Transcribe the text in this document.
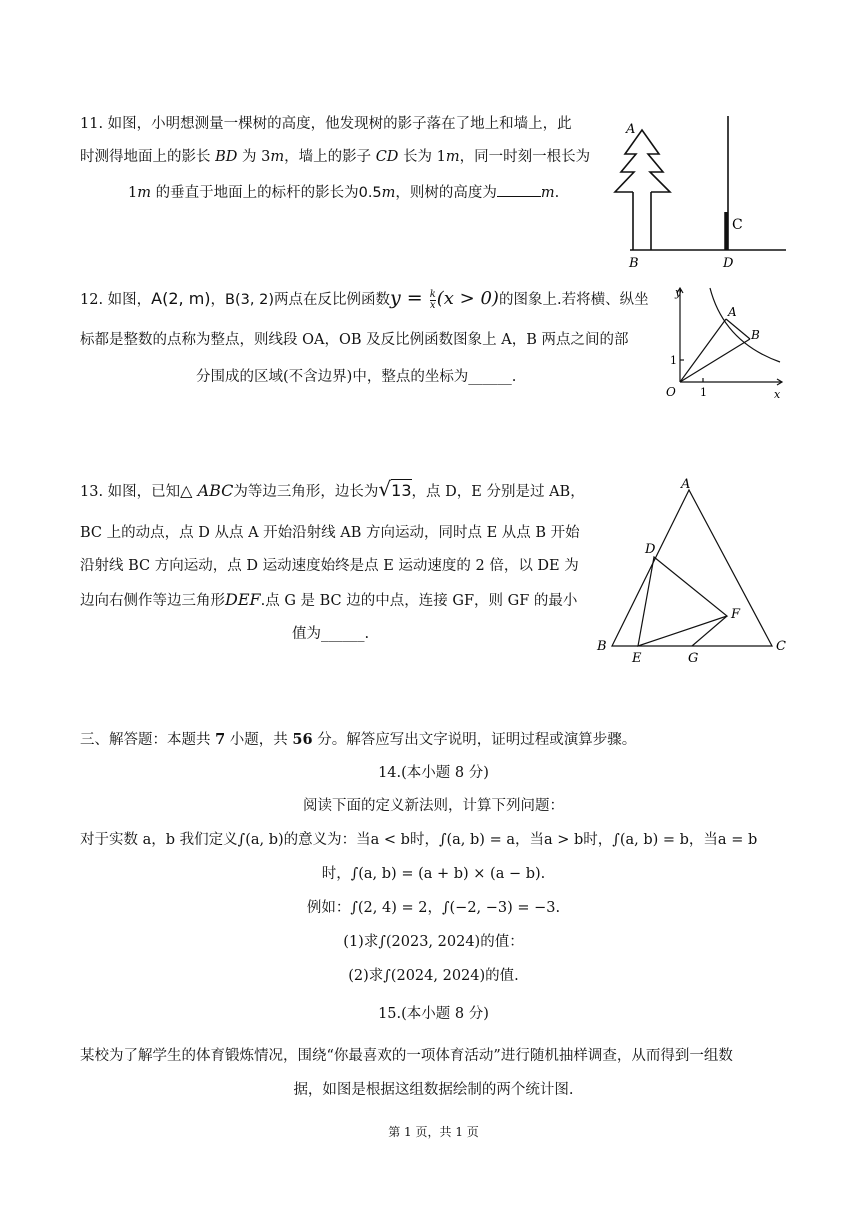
11. 如图，小明想测量一棵树的高度，他发现树的影子落在了地上和墙上，此
时测得地面上的影长 BD 为 3m，墙上的影子 CD 长为 1m，同一时刻一根长为
1m 的垂直于地面上的标杆的影长为0.5m，则树的高度为	m.
A
C
B	D
12. 如图，A(2, m)，B(3, 2)两点在反比例函数$y = \frac{k}{x} (x > 0)$的图象上.若将横、纵坐
标都是整数的点称为整点，则线段 OA，OB 及反比例函数图象上 A，B 两点之间的部
分围成的区域(不含边界)中，整点的坐标为______.
y
A
B
1
O 1	x
13. 如图，已知△ ABC为等边三角形，边长为√13，点 D，E 分别是过 AB，
BC 上的动点，点 D 从点 A 开始沿射线 AB 方向运动，同时点 E 从点 B 开始
沿射线 BC 方向运动，点 D 运动速度始终是点 E 运动速度的 2 倍，以 DE 为
边向右侧作等边三角形DEF.点 G 是 BC 边的中点，连接 GF，则 GF 的最小
值为______.
A
D
F
B	C
E	G
三、解答题：本题共 7 小题，共 56 分。解答应写出文字说明，证明过程或演算步骤。
14.(本小题 8 分)
阅读下面的定义新法则，计算下列问题：
对于实数 a，b 我们定义∫(a, b)的意义为：当a < b时，∫(a, b) = a，当a > b时，∫(a, b) = b，当a = b
时，∫(a, b) = (a + b) × (a − b).
例如：∫(2, 4) = 2，∫(−2, −3) = −3.
(1)求∫(2023, 2024)的值：
(2)求∫(2024, 2024)的值.
15.(本小题 8 分)
某校为了解学生的体育锻炼情况，围绕“你最喜欢的一项体育活动”进行随机抽样调查，从而得到一组数
据，如图是根据这组数据绘制的两个统计图.
第 1 页，共 1 页
